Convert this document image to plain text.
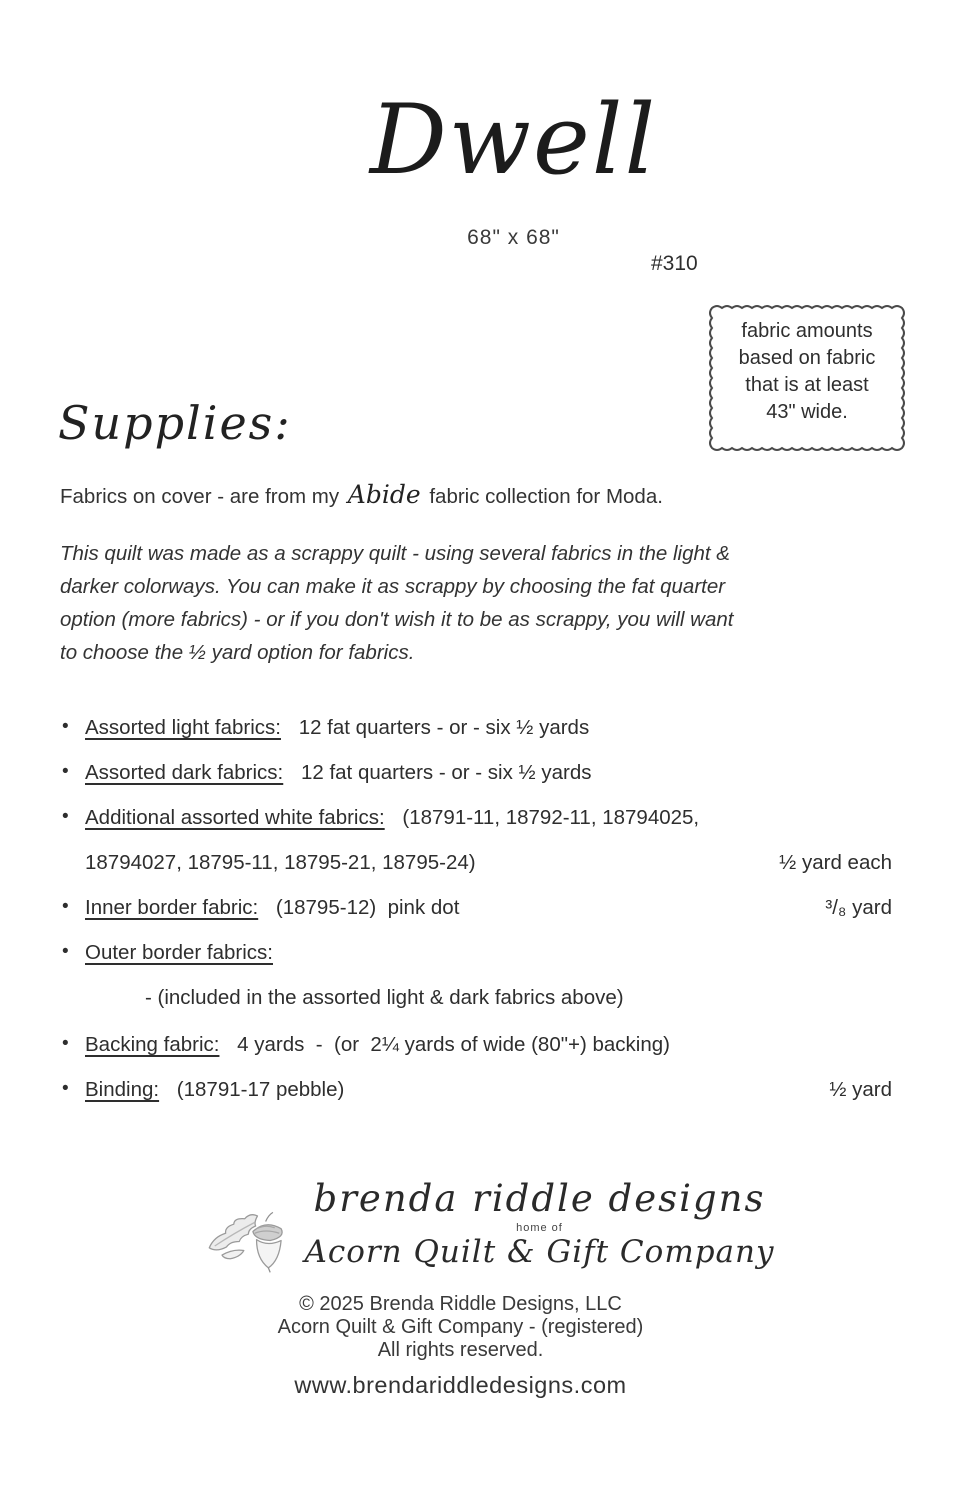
Dwell
68" x 68"
#310
fabric amounts
based on fabric
that is at least
43" wide.
Supplies:
Fabrics on cover - are from my Abide fabric collection for Moda.
This quilt was made as a scrappy quilt - using several fabrics in the light &
darker colorways. You can make it as scrappy by choosing the fat quarter
option (more fabrics) - or if you don't wish it to be as scrappy, you will want
to choose the ½ yard option for fabrics.
• Assorted light fabrics: 12 fat quarters - or - six ½ yards
• Assorted dark fabrics: 12 fat quarters - or - six ½ yards
• Additional assorted white fabrics: (18791-11, 18792-11, 18794025,
18794027, 18795-11, 18795-21, 18795-24)	½ yard each
• Inner border fabric: (18795-12)  pink dot	³/₈ yard
• Outer border fabrics:
- (included in the assorted light & dark fabrics above)
• Backing fabric: 4 yards  -  (or  2¼ yards of wide (80"+) backing)
• Binding: (18791-17 pebble)	½ yard
brenda riddle designs
home of
Acorn Quilt & Gift Company
© 2025 Brenda Riddle Designs, LLC
Acorn Quilt & Gift Company - (registered)
All rights reserved.
www.brendariddledesigns.com
